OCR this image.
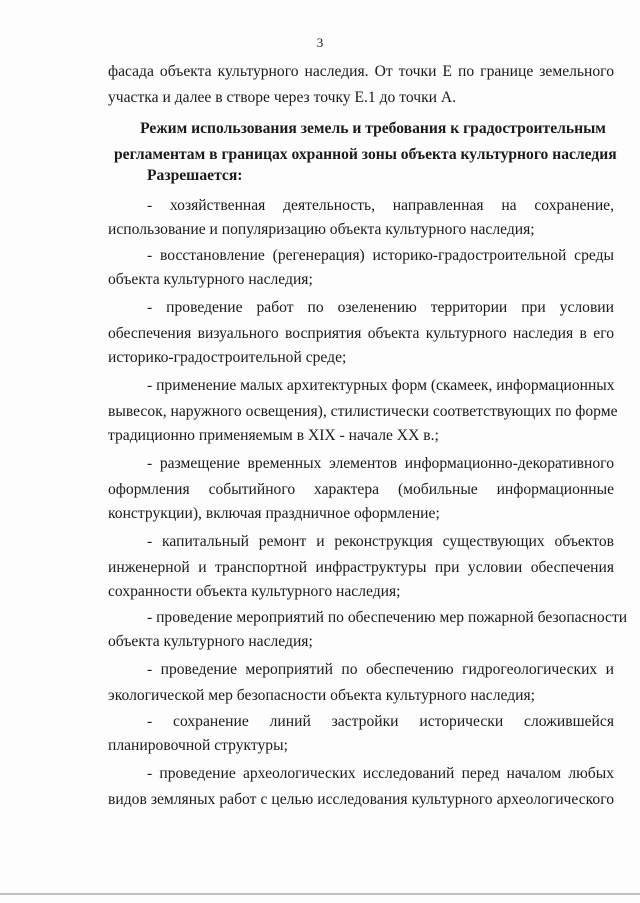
3
фасада объекта культурного наследия. От точки Е по границе земельного
участка и далее в створе через точку Е.1 до точки А.
Режим использования земель и требования к градостроительным
регламентам в границах охранной зоны объекта культурного наследия
Разрешается:
- хозяйственная деятельность, направленная на сохранение,
использование и популяризацию объекта культурного наследия;
- восстановление (регенерация) историко-градостроительной среды
объекта культурного наследия;
- проведение работ по озеленению территории при условии
обеспечения визуального восприятия объекта культурного наследия в его
историко-градостроительной среде;
- применение малых архитектурных форм (скамеек, информационных
вывесок, наружного освещения), стилистически соответствующих по форме
традиционно применяемым в XIX - начале XX в.;
- размещение временных элементов информационно-декоративного
оформления событийного характера (мобильные информационные
конструкции), включая праздничное оформление;
- капитальный ремонт и реконструкция существующих объектов
инженерной и транспортной инфраструктуры при условии обеспечения
сохранности объекта культурного наследия;
- проведение мероприятий по обеспечению мер пожарной безопасности
объекта культурного наследия;
- проведение мероприятий по обеспечению гидрогеологических и
экологической мер безопасности объекта культурного наследия;
- сохранение линий застройки исторически сложившейся
планировочной структуры;
- проведение археологических исследований перед началом любых
видов земляных работ с целью исследования культурного археологического
